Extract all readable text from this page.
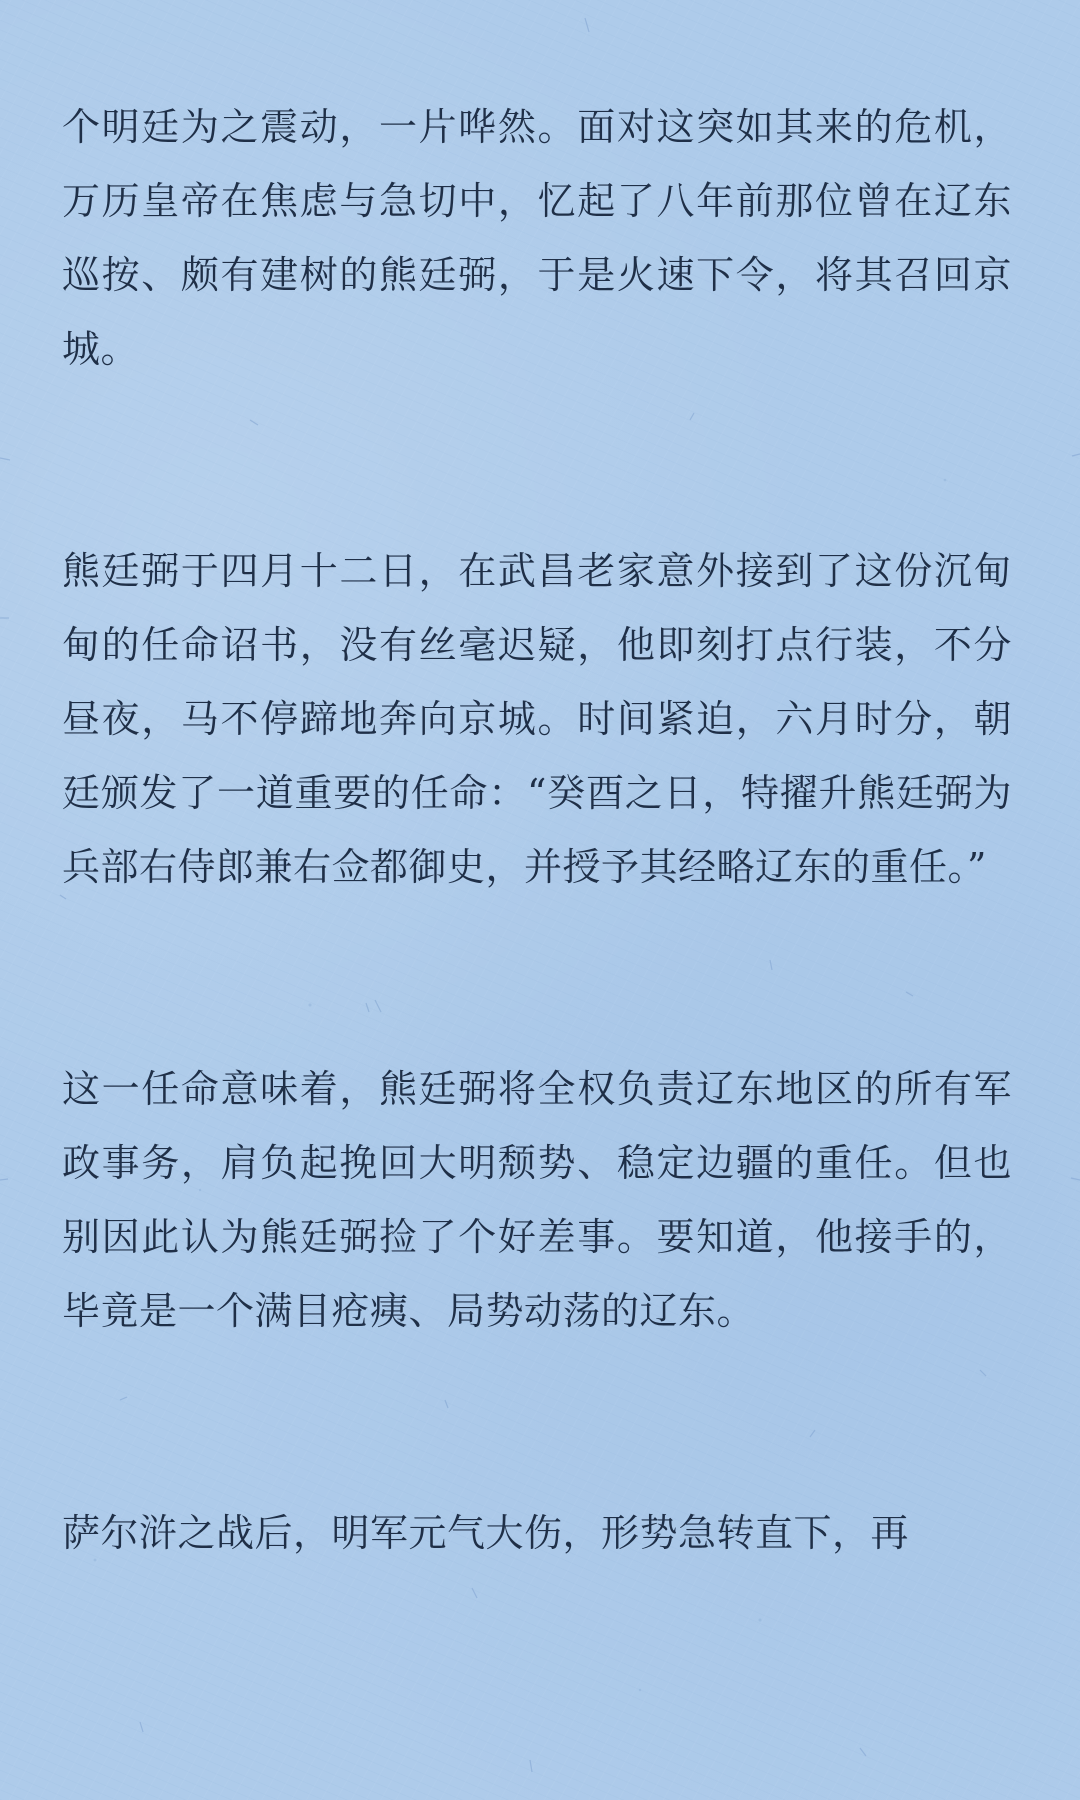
个明廷为之震动，一片哗然。面对这突如其来的危机，万历皇帝在焦虑与急切中，忆起了八年前那位曾在辽东巡按、颇有建树的熊廷弼，于是火速下令，将其召回京城。

熊廷弼于四月十二日，在武昌老家意外接到了这份沉甸甸的任命诏书，没有丝毫迟疑，他即刻打点行装，不分昼夜，马不停蹄地奔向京城。时间紧迫，六月时分，朝廷颁发了一道重要的任命：“癸酉之日，特擢升熊廷弼为兵部右侍郎兼右佥都御史，并授予其经略辽东的重任。”

这一任命意味着，熊廷弼将全权负责辽东地区的所有军政事务，肩负起挽回大明颓势、稳定边疆的重任。但也别因此认为熊廷弼捡了个好差事。要知道，他接手的，毕竟是一个满目疮痍、局势动荡的辽东。

萨尔浒之战后，明军元气大伤，形势急转直下，再
